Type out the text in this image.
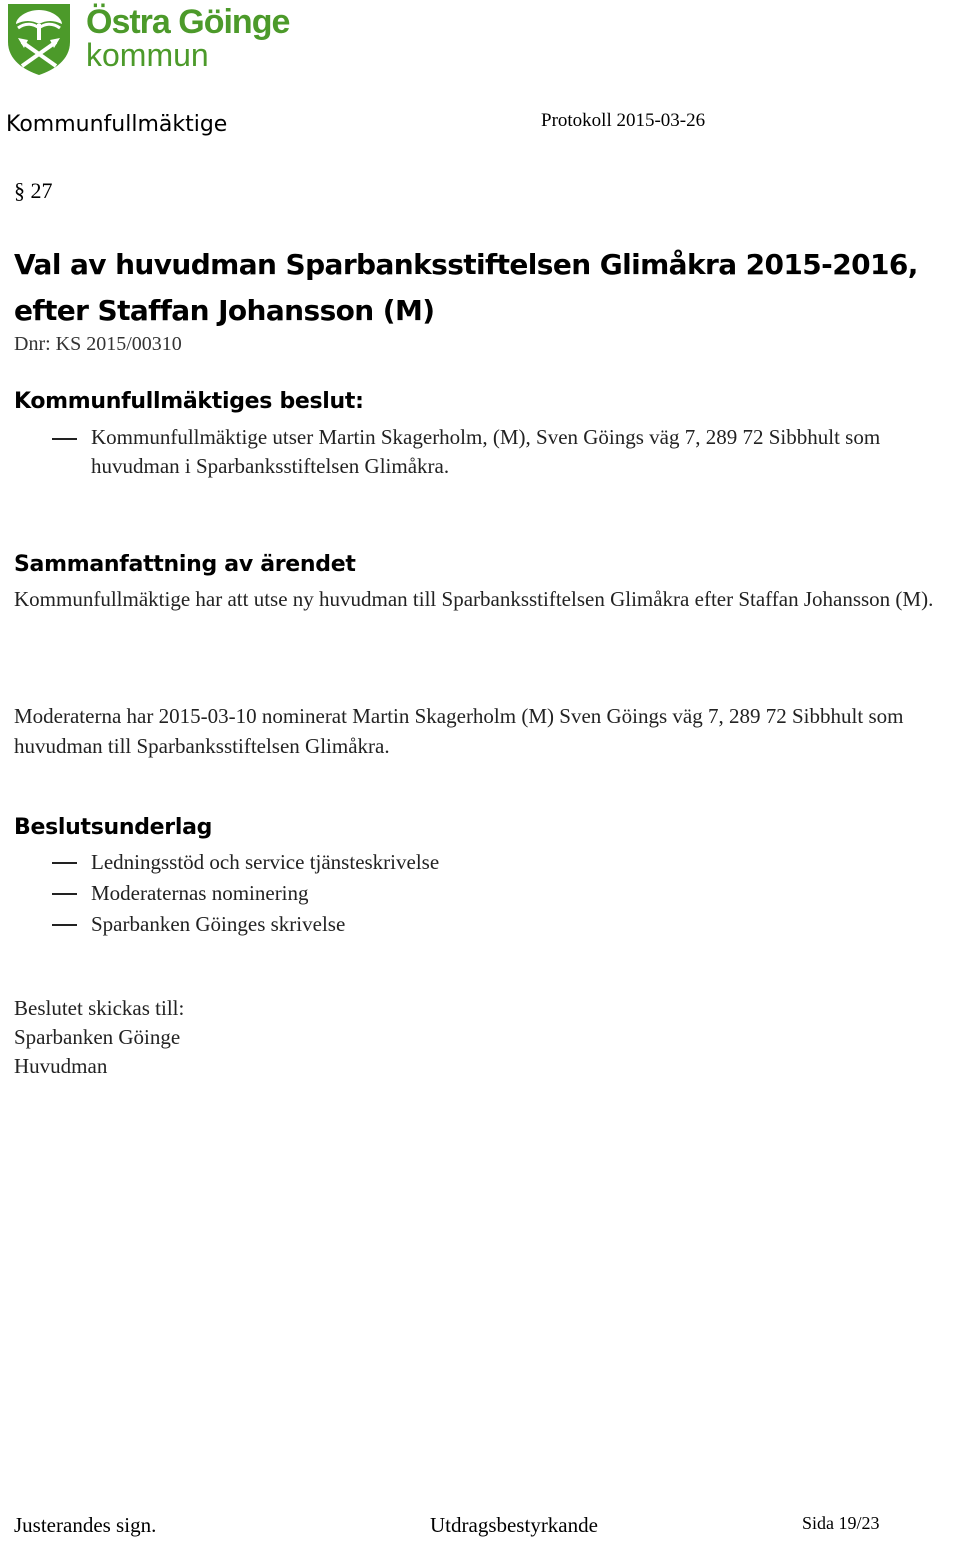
Östra Göinge
kommun
Kommunfullmäktige	Protokoll 2015-03-26
§ 27
Val av huvudman Sparbanksstiftelsen Glimåkra 2015-2016, efter Staffan Johansson (M)
Dnr: KS 2015/00310
Kommunfullmäktiges beslut:
Kommunfullmäktige utser Martin Skagerholm, (M), Sven Göings väg 7, 289 72 Sibbhult som huvudman i Sparbanksstiftelsen Glimåkra.
Sammanfattning av ärendet
Kommunfullmäktige har att utse ny huvudman till Sparbanksstiftelsen Glimåkra efter Staffan Johansson (M).
Moderaterna har 2015-03-10 nominerat Martin Skagerholm (M) Sven Göings väg 7, 289 72 Sibbhult som huvudman till Sparbanksstiftelsen Glimåkra.
Beslutsunderlag
Ledningsstöd och service tjänsteskrivelse
Moderaternas nominering
Sparbanken Göinges skrivelse
Beslutet skickas till:
Sparbanken Göinge
Huvudman
Justerandes sign.	Utdragsbestyrkande	Sida 19/23
